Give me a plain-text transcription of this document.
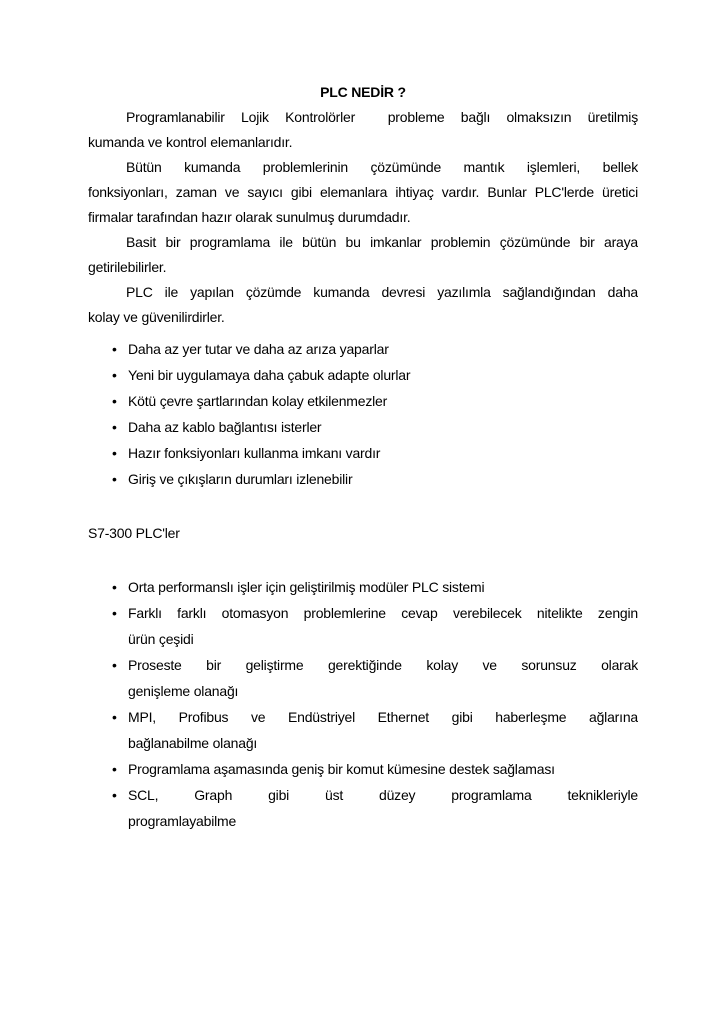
PLC NEDİR ?
Programlanabilir Lojik Kontrolörler  probleme bağlı olmaksızın üretilmiş
kumanda ve kontrol elemanlarıdır.
Bütün kumanda problemlerinin çözümünde mantık işlemleri, bellek
fonksiyonları, zaman ve sayıcı gibi elemanlara ihtiyaç vardır. Bunlar PLC'lerde üretici
firmalar tarafından hazır olarak sunulmuş durumdadır.
Basit bir programlama ile bütün bu imkanlar problemin çözümünde bir araya
getirilebilirler.
PLC ile yapılan çözümde kumanda devresi yazılımla sağlandığından daha
kolay ve güvenilirdirler.
• Daha az yer tutar ve daha az arıza yaparlar
• Yeni bir uygulamaya daha çabuk adapte olurlar
• Kötü çevre şartlarından kolay etkilenmezler
• Daha az kablo bağlantısı isterler
• Hazır fonksiyonları kullanma imkanı vardır
• Giriş ve çıkışların durumları izlenebilir
S7-300 PLC'ler
• Orta performanslı işler için geliştirilmiş modüler PLC sistemi
• Farklı farklı otomasyon problemlerine cevap verebilecek nitelikte zengin
ürün çeşidi
• Proseste bir geliştirme gerektiğinde kolay ve sorunsuz olarak
genişleme olanağı
• MPI, Profibus ve Endüstriyel Ethernet gibi haberleşme ağlarına
bağlanabilme olanağı
• Programlama aşamasında geniş bir komut kümesine destek sağlaması
• SCL, Graph gibi üst düzey programlama teknikleriyle
programlayabilme
